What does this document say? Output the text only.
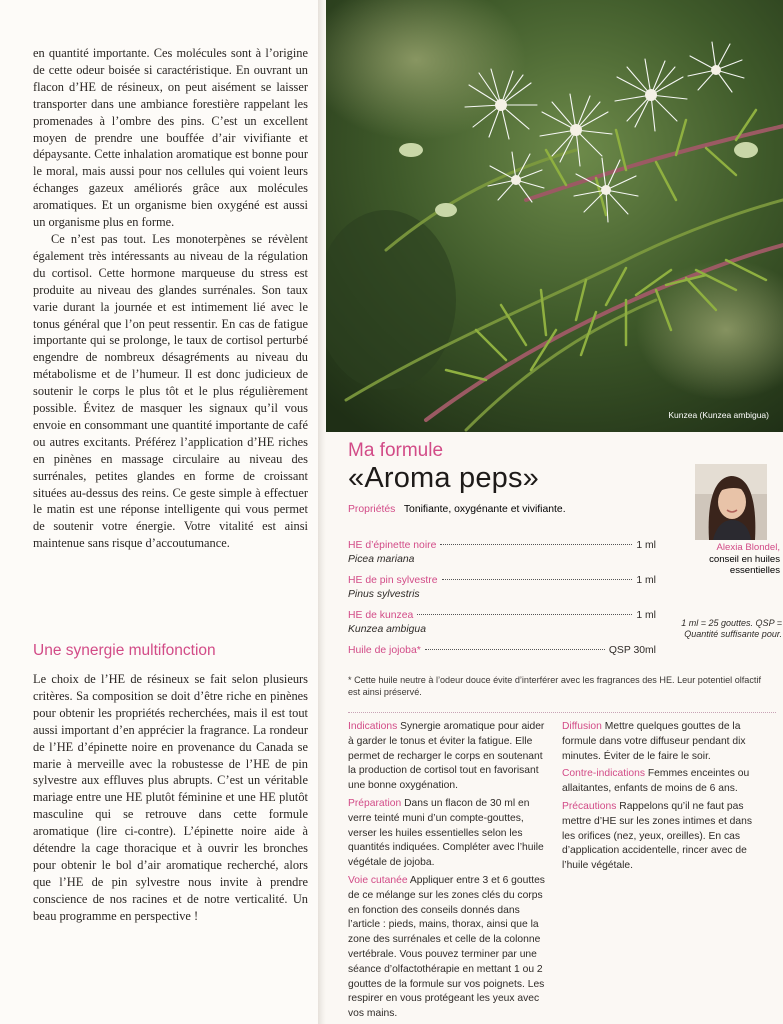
en quantité importante. Ces molécules sont à l’origine de cette odeur boisée si caractéristique. En ouvrant un flacon d’HE de résineux, on peut aisément se laisser transporter dans une ambiance forestière rappelant les promenades à l’ombre des pins. C’est un excellent moyen de prendre une bouffée d’air vivifiante et dépaysante. Cette inhalation aromatique est bonne pour le moral, mais aussi pour nos cellules qui voient leurs échanges gazeux améliorés grâce aux molécules aromatiques. Et un organisme bien oxygéné est aussi un organisme plus en forme.

Ce n’est pas tout. Les monoterpènes se révèlent également très intéressants au niveau de la régulation du cortisol. Cette hormone marqueuse du stress est produite au niveau des glandes surrénales. Son taux varie durant la journée et est intimement lié avec le tonus général que l’on peut ressentir. En cas de fatigue importante qui se prolonge, le taux de cortisol perturbé engendre de nombreux désagréments au niveau du métabolisme et de l’humeur. Il est donc judicieux de soutenir le corps le plus tôt et le plus régulièrement possible. Évitez de masquer les signaux qu’il vous envoie en consommant une quantité importante de café ou autres excitants. Préférez l’application d’HE riches en pinènes en massage circulaire au niveau des surrénales, petites glandes en forme de croissant situées au-dessus des reins. Ce geste simple à effectuer le matin est une réponse intelligente qui vous permet de soutenir votre énergie. Votre vitalité est ainsi maintenue sans risque d’accoutumance.

Une synergie multifonction

Le choix de l’HE de résineux se fait selon plusieurs critères. Sa composition se doit d’être riche en pinènes pour obtenir les propriétés recherchées, mais il est tout aussi important d’en apprécier la fragrance. La rondeur de l’HE d’épinette noire en provenance du Canada se marie à merveille avec la robustesse de l’HE de pin sylvestre aux effluves plus abrupts. C’est un véritable mariage entre une HE plutôt féminine et une HE plutôt masculine qui se retrouve dans cette formule aromatique (lire ci-contre). L’épinette noire aide à détendre la cage thoracique et à ouvrir les bronches pour obtenir le bol d’air aromatique recherché, alors que l’HE de pin sylvestre nous invite à prendre conscience de nos racines et de notre verticalité. Un beau programme en perspective !

Kunzea (Kunzea ambigua)
Ma formule
«Aroma peps»
Alexia Blondel,
conseil en huiles essentielles
Propriétés Tonifiante, oxygénante et vivifiante.
HE d’épinette noire	1 ml
Picea mariana
HE de pin sylvestre	1 ml
Pinus sylvestris
HE de kunzea	1 ml
Kunzea ambigua
Huile de jojoba*	QSP 30ml
1 ml = 25 gouttes. QSP = Quantité suffisante pour.
* Cette huile neutre à l’odeur douce évite d’interférer avec les fragrances des HE. Leur potentiel olfactif est ainsi préservé.

Indications Synergie aromatique pour aider à garder le tonus et éviter la fatigue. Elle permet de recharger le corps en soutenant la production de cortisol tout en favorisant une bonne oxygénation.

Préparation Dans un flacon de 30 ml en verre teinté muni d’un compte-gouttes, verser les huiles essentielles selon les quantités indiquées. Compléter avec l’huile végétale de jojoba.

Voie cutanée Appliquer entre 3 et 6 gouttes de ce mélange sur les zones clés du corps en fonction des conseils donnés dans l’article : pieds, mains, thorax, ainsi que la zone des surrénales et celle de la colonne vertébrale. Vous pouvez terminer par une séance d’olfactothérapie en mettant 1 ou 2 gouttes de la formule sur vos poignets. Les respirer en vous protégeant les yeux avec vos mains.

Diffusion Mettre quelques gouttes de la formule dans votre diffuseur pendant dix minutes. Éviter de le faire le soir.

Contre-indications Femmes enceintes ou allaitantes, enfants de moins de 6 ans.

Précautions Rappelons qu’il ne faut pas mettre d’HE sur les zones intimes et dans les orifices (nez, yeux, oreilles). En cas d’application accidentelle, rincer avec de l’huile végétale.
